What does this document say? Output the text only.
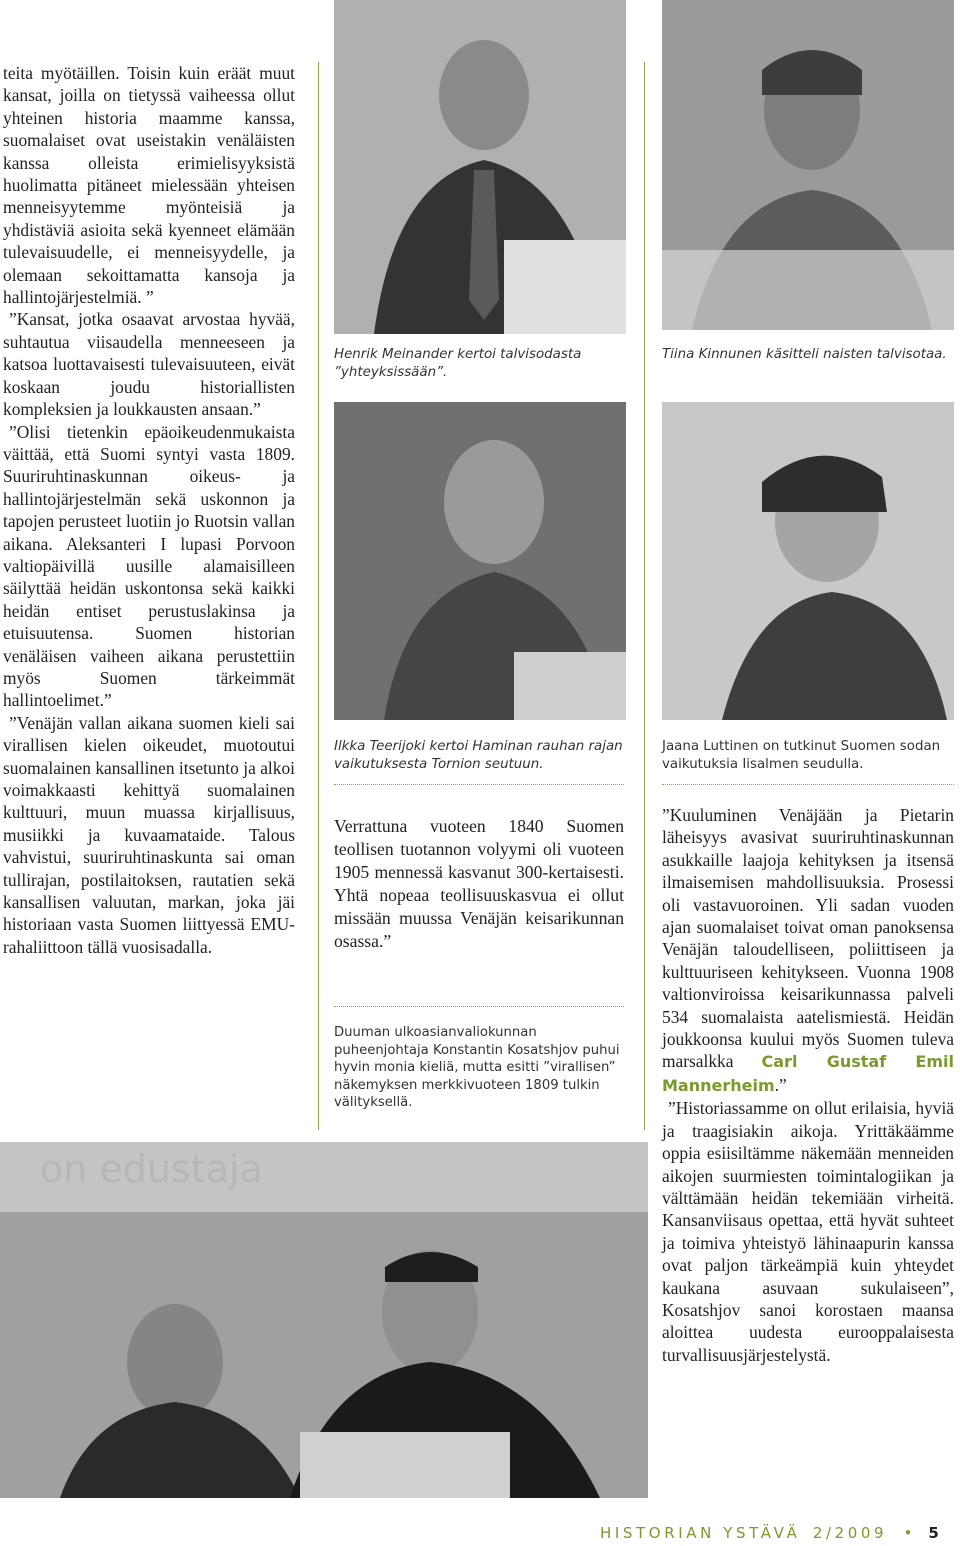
teita myötäillen. Toisin kuin eräät muut kansat, joilla on tietyssä vaiheessa ollut yhteinen historia maamme kanssa, suomalaiset ovat useistakin venäläisten kanssa olleista erimielisyyksistä huolimatta pitäneet mielessään yhteisen menneisyytemme myönteisiä ja yhdistäviä asioita sekä kyenneet elämään tulevaisuudelle, ei menneisyydelle, ja olemaan sekoittamatta kansoja ja hallintojärjestelmiä. ”

”Kansat, jotka osaavat arvostaa hyvää, suhtautua viisaudella menneeseen ja katsoa luottavaisesti tulevaisuuteen, eivät koskaan joudu historiallisten kompleksien ja loukkausten ansaan.”

”Olisi tietenkin epäoikeudenmukaista väittää, että Suomi syntyi vasta 1809. Suuriruhtinaskunnan oikeus- ja hallintojärjestelmän sekä uskonnon ja tapojen perusteet luotiin jo Ruotsin vallan aikana. Aleksanteri I lupasi Porvoon valtiopäivillä uusille alamaisilleen säilyttää heidän uskontonsa sekä kaikki heidän entiset perustuslakinsa ja etuisuutensa. Suomen historian venäläisen vaiheen aikana perustettiin myös Suomen tärkeimmät hallintoelimet.”

”Venäjän vallan aikana suomen kieli sai virallisen kielen oikeudet, muotoutui suomalainen kansallinen itsetunto ja alkoi voimakkaasti kehittyä suomalainen kulttuuri, muun muassa kirjallisuus, musiikki ja kuvaamataide. Talous vahvistui, suuriruhtinaskunta sai oman tullirajan, postilaitoksen, rautatien sekä kansallisen valuutan, markan, joka jäi historiaan vasta Suomen liittyessä EMU-rahaliittoon tällä vuosisadalla.

Henrik Meinander kertoi talvisodasta ”yhteyksissään”.
Tiina Kinnunen käsitteli naisten talvisotaa.
Ilkka Teerijoki kertoi Haminan rauhan rajan vaikutuksesta Tornion seutuun.
Jaana Luttinen on tutkinut Suomen sodan vaikutuksia Iisalmen seudulla.

Verrattuna vuoteen 1840 Suomen teollisen tuotannon volyymi oli vuoteen 1905 mennessä kasvanut 300-kertaisesti. Yhtä nopeaa teollisuuskasvua ei ollut missään muussa Venäjän keisarikunnan osassa.”

Duuman ulkoasianvaliokunnan puheenjohtaja Konstantin Kosatshjov puhui hyvin monia kieliä, mutta esitti ”virallisen” näkemyksen merkkivuoteen 1809 tulkin välityksellä.

”Kuuluminen Venäjään ja Pietarin läheisyys avasivat suuriruhtinaskunnan asukkaille laajoja kehityksen ja itsensä ilmaisemisen mahdollisuuksia. Prosessi oli vastavuoroinen. Yli sadan vuoden ajan suomalaiset toivat oman panoksensa Venäjän taloudelliseen, poliittiseen ja kulttuuriseen kehitykseen. Vuonna 1908 valtionviroissa keisarikunnassa palveli 534 suomalaista aatelismiestä. Heidän joukkoonsa kuului myös Suomen tuleva marsalkka Carl Gustaf Emil Mannerheim.”

”Historiassamme on ollut erilaisia, hyviä ja traagisiakin aikoja. Yrittäkäämme oppia esiisiltämme näkemään menneiden aikojen suurmiesten toimintalogiikan ja välttämään heidän tekemiään virheitä. Kansanviisaus opettaa, että hyvät suhteet ja toimiva yhteistyö lähinaapurin kanssa ovat paljon tärkeämpiä kuin yhteydet kaukana asuvaan sukulaiseen”, Kosatshjov sanoi korostaen maansa aloittea uudesta eurooppalaisesta turvallisuusjärjestelystä.

on edustaja
HISTORIAN YSTÄVÄ 2/2009 • 5
